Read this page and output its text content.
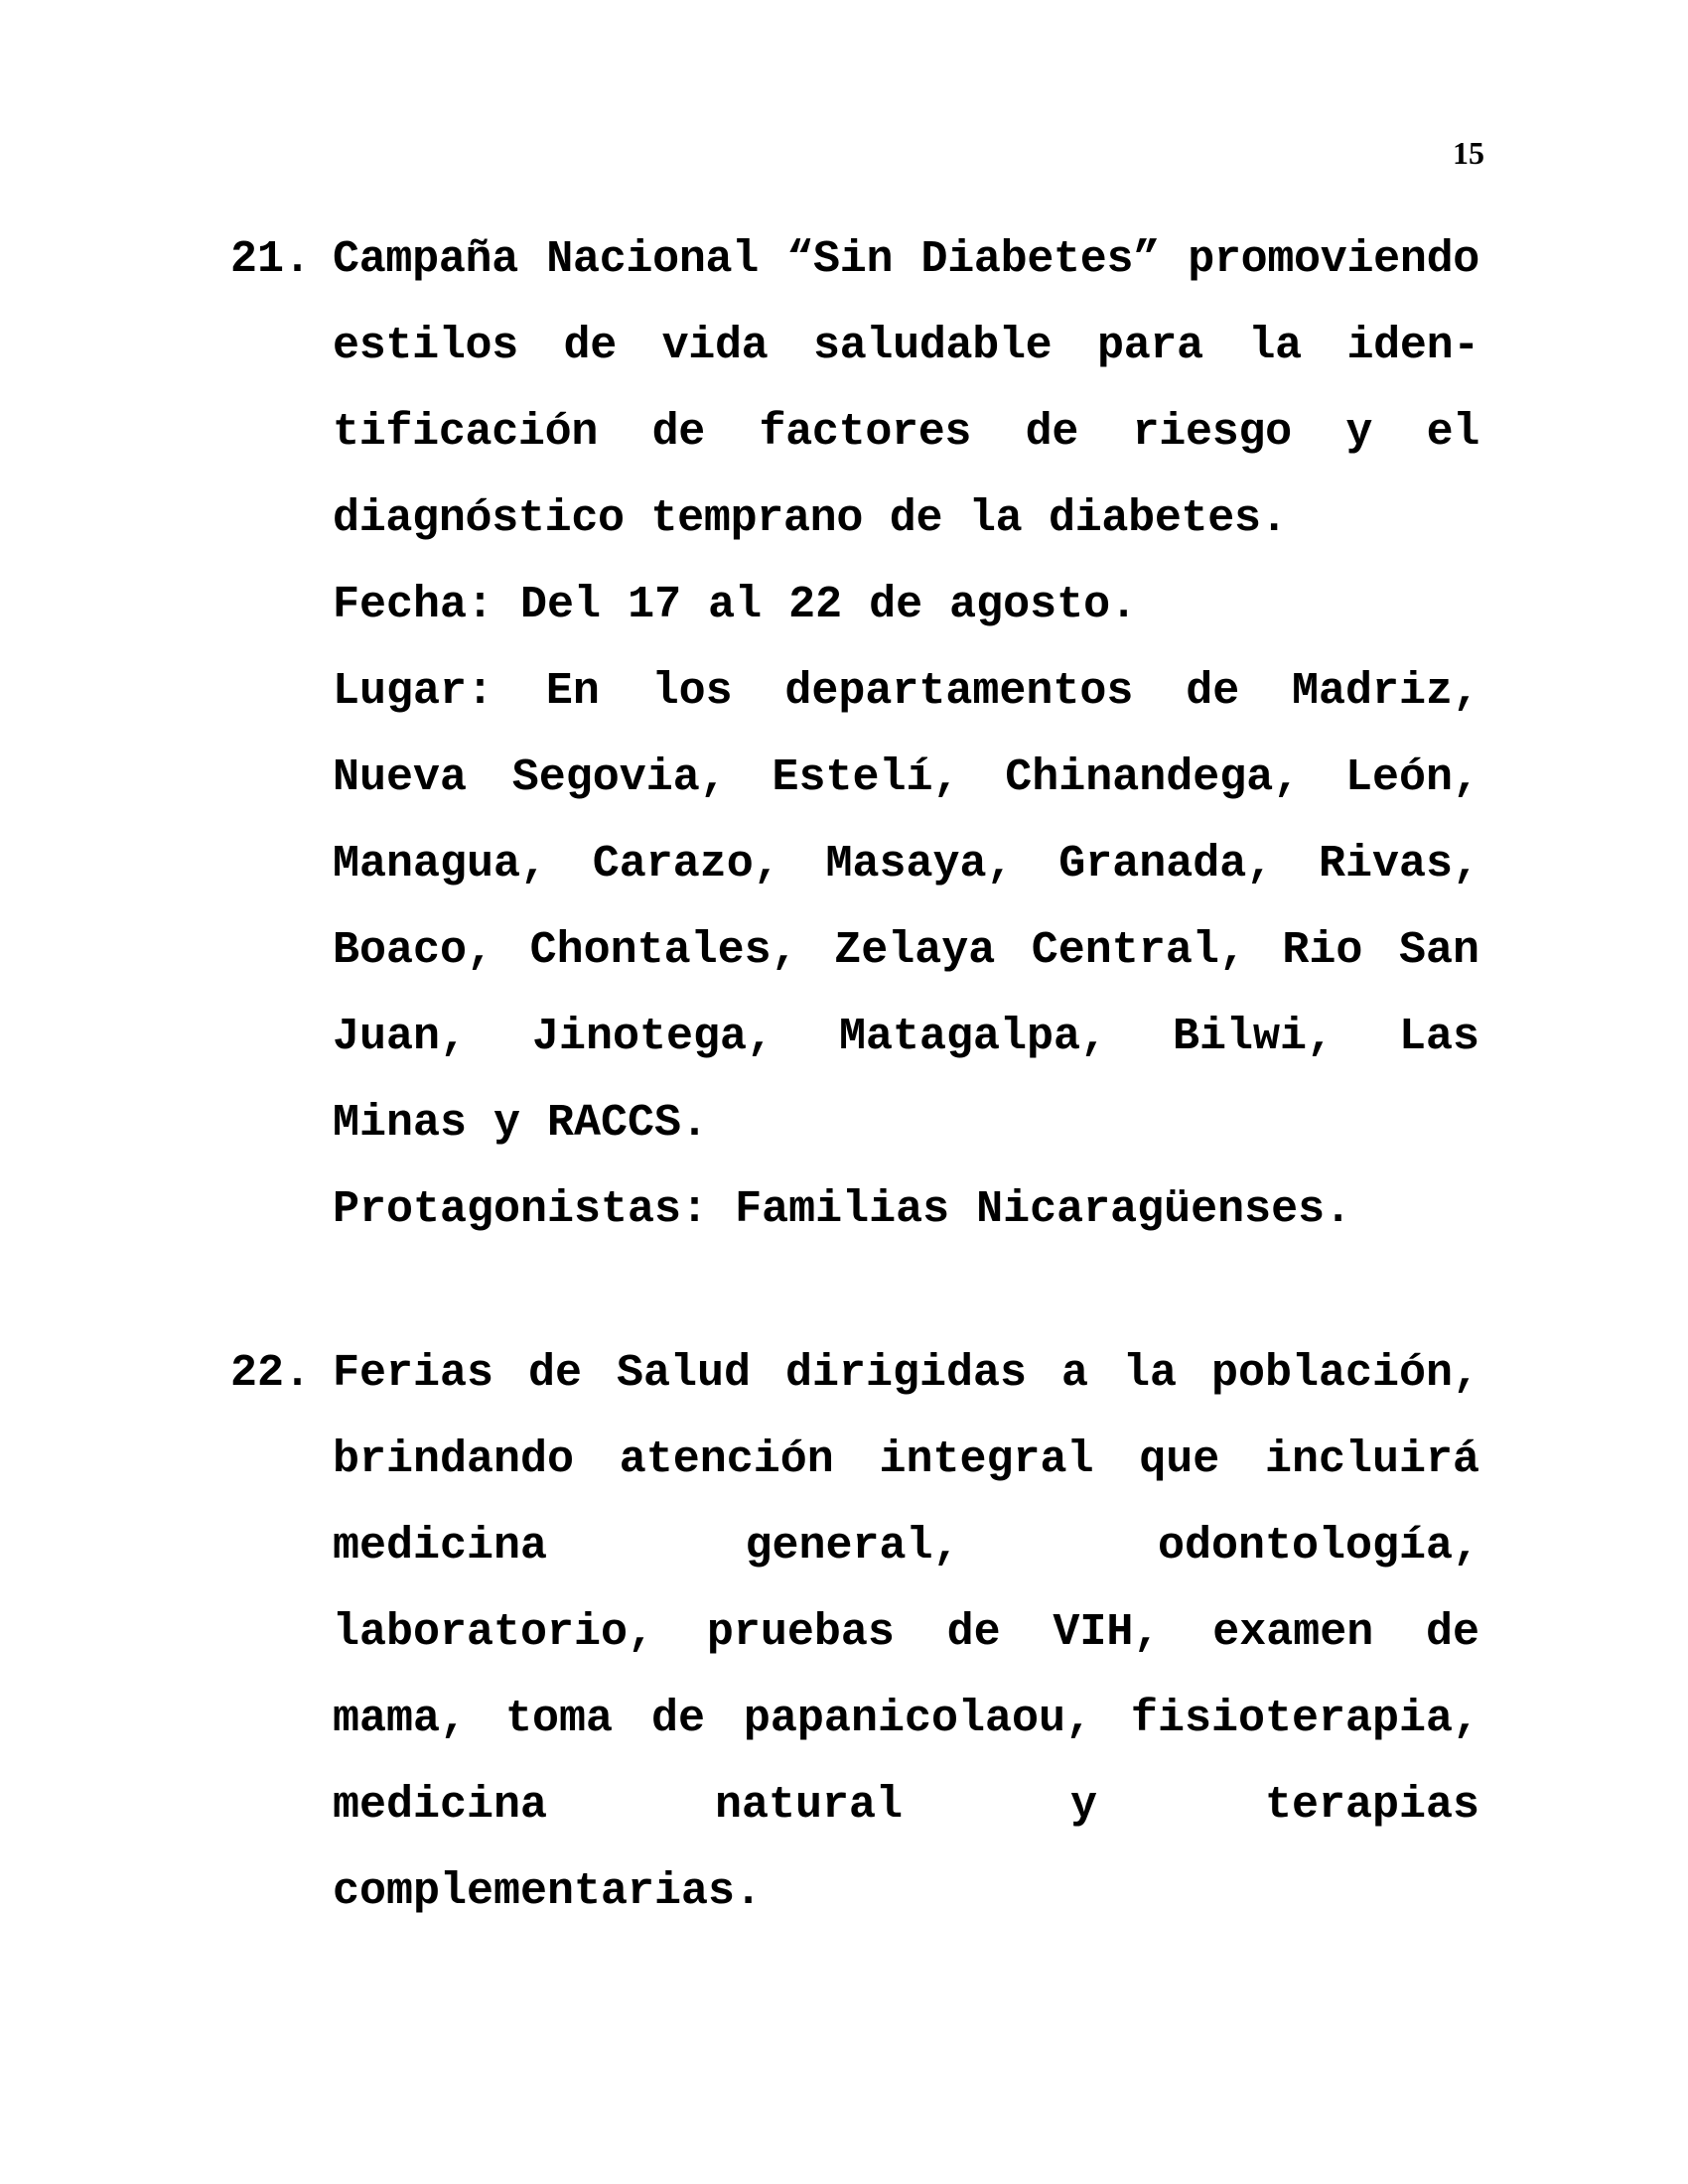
15
21. Campaña Nacional “Sin Diabetes” promoviendo estilos de vida saludable para la iden-tificación de factores de riesgo y el diagnóstico temprano de la diabetes.

Fecha: Del 17 al 22 de agosto.

Lugar: En los departamentos de Madriz, Nueva Segovia, Estelí, Chinandega, León, Managua, Carazo, Masaya, Granada, Rivas, Boaco, Chontales, Zelaya Central, Rio San Juan, Jinotega, Matagalpa, Bilwi, Las Minas y RACCS.

Protagonistas: Familias Nicaragüenses.
22. Ferias de Salud dirigidas a la población, brindando atención integral que incluirá medicina general, odontología, laboratorio, pruebas de VIH, examen de mama, toma de papanicolaou, fisioterapia, medicina natural y terapias complementarias.
